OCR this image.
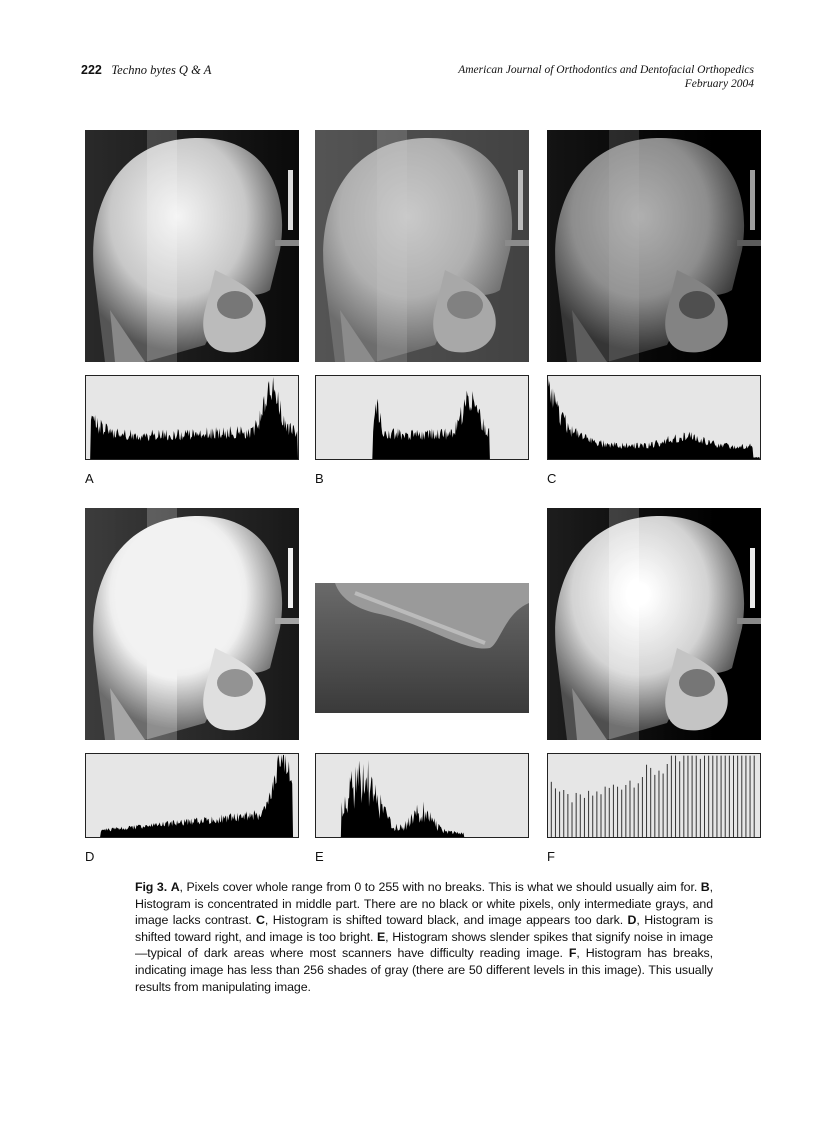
222 Techno bytes Q & A	American Journal of Orthodontics and Dentofacial Orthopedics
February 2004
A	B	C
D	E	F
Fig 3. A, Pixels cover whole range from 0 to 255 with no breaks. This is what we should usually aim for. B, Histogram is concentrated in middle part. There are no black or white pixels, only intermediate grays, and image lacks contrast. C, Histogram is shifted toward black, and image appears too dark. D, Histogram is shifted toward right, and image is too bright. E, Histogram shows slender spikes that signify noise in image—typical of dark areas where most scanners have difficulty reading image. F, Histogram has breaks, indicating image has less than 256 shades of gray (there are 50 different levels in this image). This usually results from manipulating image.
